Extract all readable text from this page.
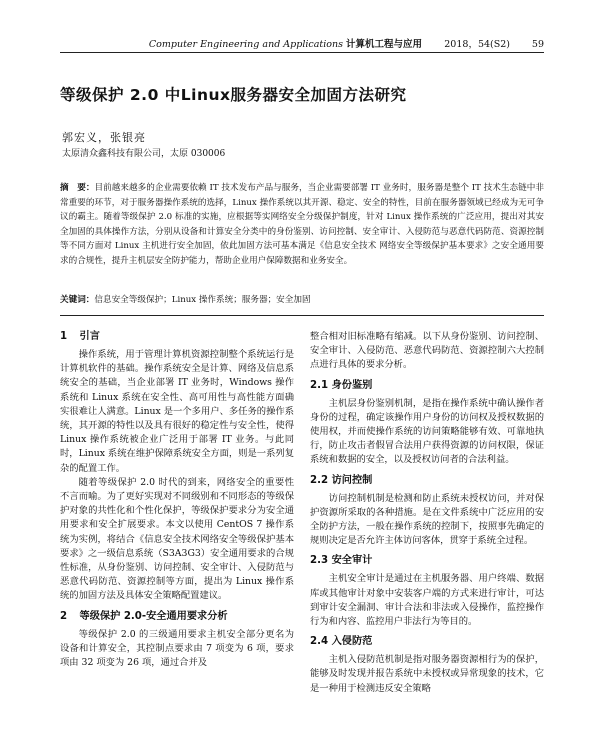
Computer Engineering and Applications 计算机工程与应用 2018，54(S2) 59
等级保护 2.0 中Linux服务器安全加固方法研究
郭宏义，张银亮
太原清众鑫科技有限公司，太原 030006
摘　要：目前越来越多的企业需要依赖 IT 技术发布产品与服务，当企业需要部署 IT 业务时，服务器是整个 IT 技术生态链中非常重要的环节，对于服务器操作系统的选择，Linux 操作系统以其开源、稳定、安全的特性，目前在服务器领域已经成为无可争议的霸主。随着等级保护 2.0 标准的实施，应根据等实网络安全分级保护制度，针对 Linux 操作系统的广泛应用，提出对其安全加固的具体操作方法，分别从设备和计算安全分类中的身份鉴别、访问控制、安全审计、入侵防范与恶意代码防范、资源控制等不同方面对 Linux 主机进行安全加固，依此加固方法可基本满足《信息安全技术 网络安全等级保护基本要求》之安全通用要求的合规性，提升主机层安全防护能力，帮助企业用户保障数据和业务安全。
关键词：信息安全等级保护；Linux 操作系统；服务器；安全加固
1 引言

操作系统，用于管理计算机资源控制整个系统运行是计算机软件的基础。操作系统安全是计算、网络及信息系统安全的基础，当企业部署 IT 业务时，Windows 操作系统和 Linux 系统在安全性、高可用性与高性能方面确实很难让人满意。Linux 是一个多用户、多任务的操作系统，其开源的特性以及具有很好的稳定性与安全性，使得 Linux 操作系统被企业广泛用于部署 IT 业务。与此同时，Linux 系统在维护保障系统安全方面，则是一系列复杂的配置工作。

随着等级保护 2.0 时代的到来，网络安全的重要性不言而喻。为了更好实现对不同级别和不同形态的等级保护对象的共性化和个性化保护，等级保护要求分为安全通用要求和安全扩展要求。本文以使用 CentOS 7 操作系统为实例，将结合《信息安全技术网络安全等级保护基本要求》之一级信息系统（S3A3G3）安全通用要求的合规性标准，从身份鉴别、访问控制、安全审计、入侵防范与恶意代码防范、资源控制等方面，提出为 Linux 操作系统的加固方法及具体安全策略配置建议。

2 等级保护 2.0-安全通用要求分析

等级保护 2.0 的三级通用要求主机安全部分更名为设备和计算安全，其控制点要求由 7 项变为 6 项，要求项由 32 项变为 26 项，通过合并及

整合相对旧标准略有缩减。以下从身份鉴别、访问控制、安全审计、入侵防范、恶意代码防范、资源控制六大控制点进行具体的要求分析。

2.1 身份鉴别

主机层身份鉴别机制，是指在操作系统中确认操作者身份的过程，确定该操作用户身份的访问权及授权数据的使用权，并而使操作系统的访问策略能够有效、可靠地执行，防止攻击者假冒合法用户获得资源的访问权限，保证系统和数据的安全，以及授权访问者的合法利益。

2.2 访问控制

访问控制机制是检测和防止系统未授权访问，并对保护资源所采取的各种措施。是在文件系统中广泛应用的安全防护方法，一般在操作系统的控制下，按照事先确定的规则决定是否允许主体访问客体，贯穿于系统全过程。

2.3 安全审计

主机安全审计是通过在主机服务器、用户终端、数据库或其他审计对象中安装客户端的方式来进行审计，可达到审计安全漏洞、审计合法和非法或入侵操作，监控操作行为和内容、监控用户非法行为等目的。

2.4 入侵防范

主机入侵防范机制是指对服务器资源相行为的保护，能够及时发现并报告系统中未授权或异常现象的技术，它是一种用于检测违反安全策略
